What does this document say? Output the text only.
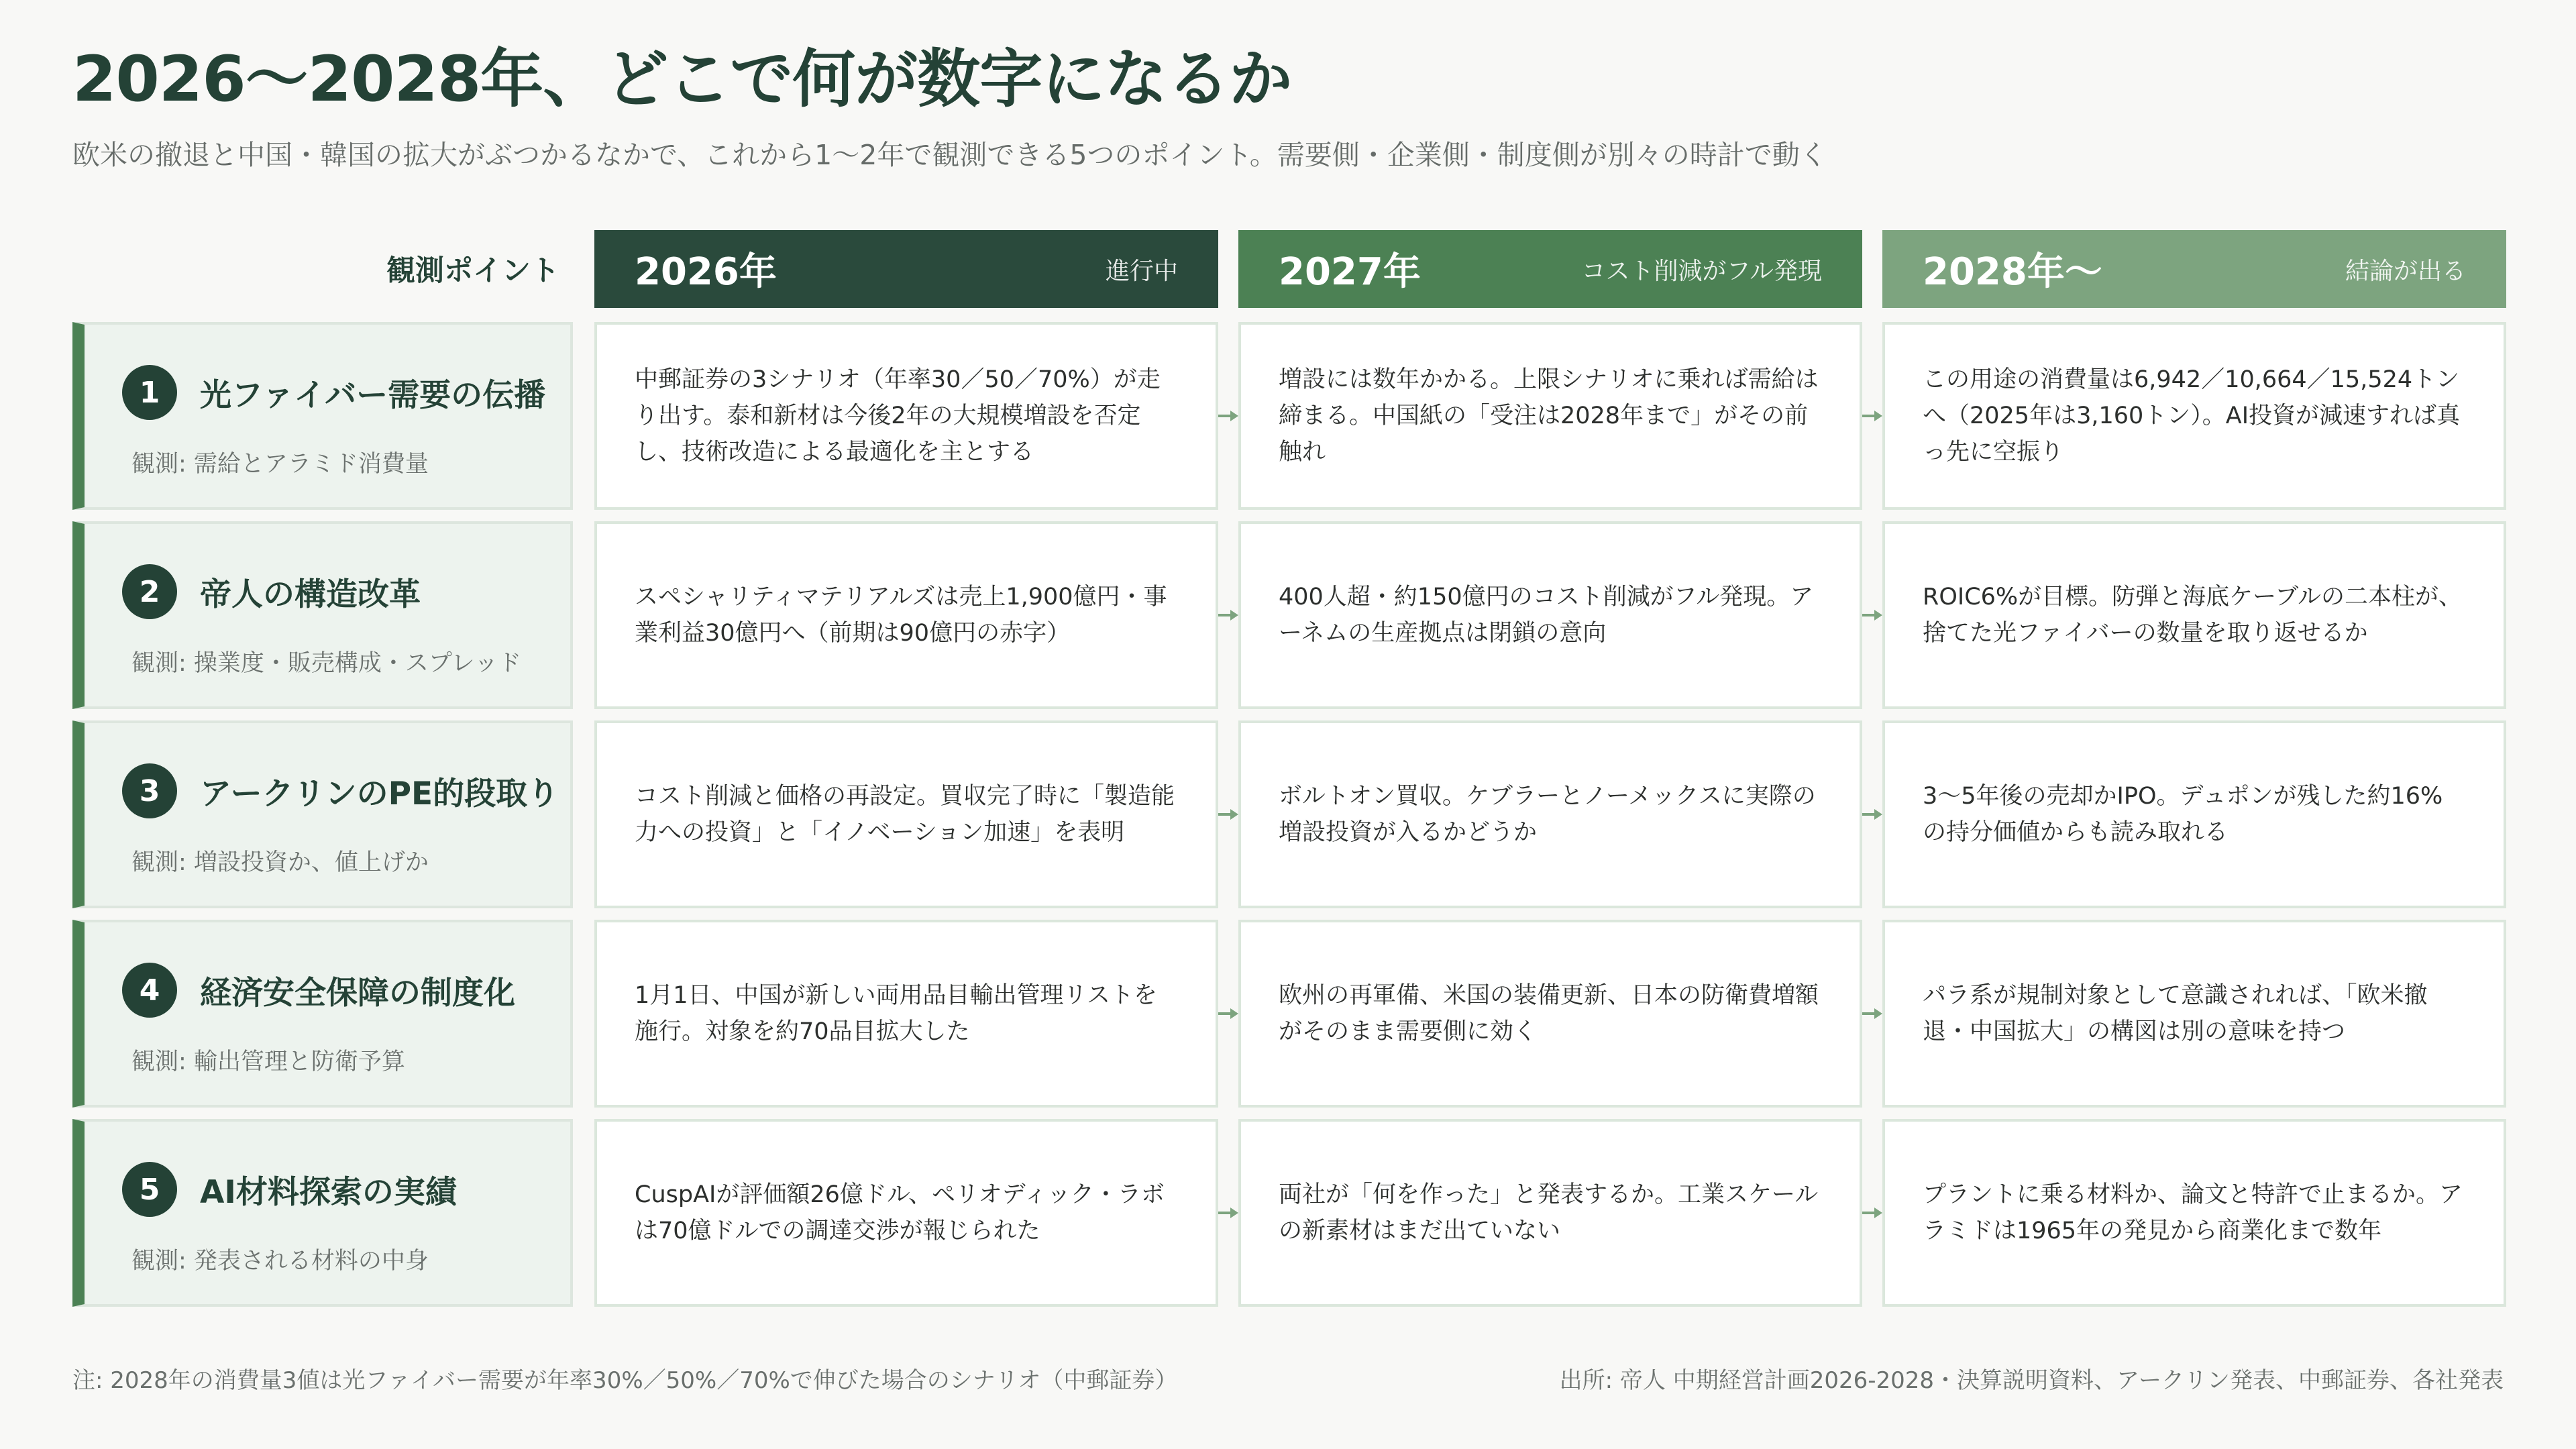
2026〜2028年、どこで何が数字になるか
欧米の撤退と中国・韓国の拡大がぶつかるなかで、これから1〜2年で観測できる5つのポイント。需要側・企業側・制度側が別々の時計で動く
観測ポイント 2026年	進行中	2027年	コスト削減がフル発現	2028年〜	結論が出る
1	光ファイバー需要の伝播
観測: 需給とアラミド消費量
中郵証券の3シナリオ（年率30／50／70%）が走り出す。泰和新材は今後2年の大規模増設を否定し、技術改造による最適化を主とする
増設には数年かかる。上限シナリオに乗れば需給は締まる。中国紙の「受注は2028年まで」がその前触れ
この用途の消費量は6,942／10,664／15,524トンへ（2025年は3,160トン）。AI投資が減速すれば真っ先に空振り
2	帝人の構造改革
観測: 操業度・販売構成・スプレッド
スペシャリティマテリアルズは売上1,900億円・事業利益30億円へ（前期は90億円の赤字）
400人超・約150億円のコスト削減がフル発現。アーネムの生産拠点は閉鎖の意向
ROIC6%が目標。防弾と海底ケーブルの二本柱が、捨てた光ファイバーの数量を取り返せるか
3	アークリンのPE的段取り
観測: 増設投資か、値上げか
コスト削減と価格の再設定。買収完了時に「製造能力への投資」と「イノベーション加速」を表明
ボルトオン買収。ケブラーとノーメックスに実際の増設投資が入るかどうか
3〜5年後の売却かIPO。デュポンが残した約16%の持分価値からも読み取れる
4	経済安全保障の制度化
観測: 輸出管理と防衛予算
1月1日、中国が新しい両用品目輸出管理リストを施行。対象を約70品目拡大した
欧州の再軍備、米国の装備更新、日本の防衛費増額がそのまま需要側に効く
パラ系が規制対象として意識されれば、「欧米撤退・中国拡大」の構図は別の意味を持つ
5	AI材料探索の実績
観測: 発表される材料の中身
CuspAIが評価額26億ドル、ペリオディック・ラボは70億ドルでの調達交渉が報じられた
両社が「何を作った」と発表するか。工業スケールの新素材はまだ出ていない
プラントに乗る材料か、論文と特許で止まるか。アラミドは1965年の発見から商業化まで数年
注: 2028年の消費量3値は光ファイバー需要が年率30%／50%／70%で伸びた場合のシナリオ（中郵証券）	出所: 帝人 中期経営計画2026-2028・決算説明資料、アークリン発表、中郵証券、各社発表
